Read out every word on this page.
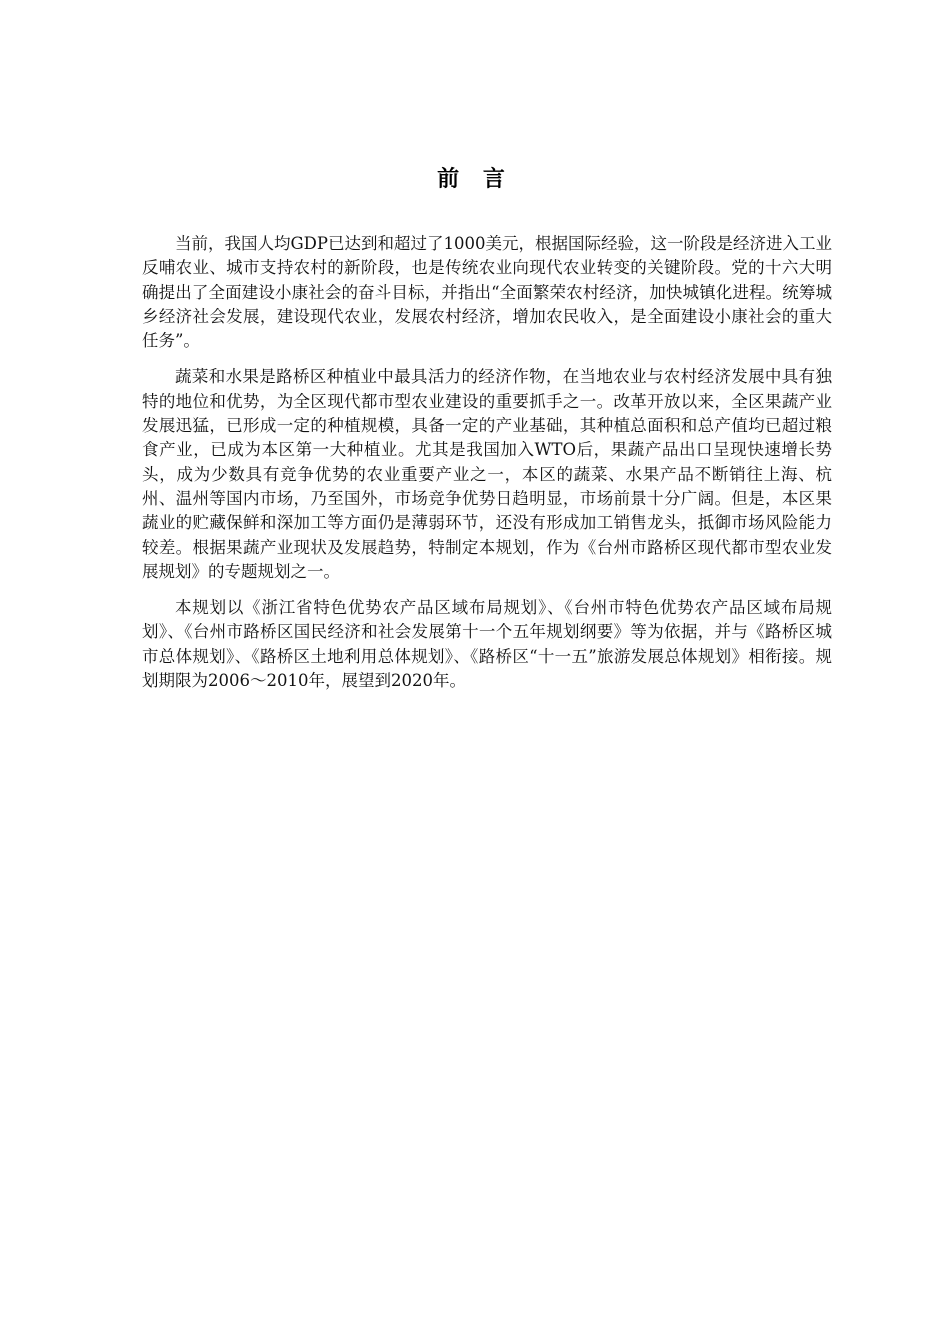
前 言

当前，我国人均GDP已达到和超过了1000美元，根据国际经验，这一阶段是经济进入工业反哺农业、城市支持农村的新阶段，也是传统农业向现代农业转变的关键阶段。党的十六大明确提出了全面建设小康社会的奋斗目标，并指出“全面繁荣农村经济，加快城镇化进程。统筹城乡经济社会发展，建设现代农业，发展农村经济，增加农民收入，是全面建设小康社会的重大任务”。

蔬菜和水果是路桥区种植业中最具活力的经济作物，在当地农业与农村经济发展中具有独特的地位和优势，为全区现代都市型农业建设的重要抓手之一。改革开放以来，全区果蔬产业发展迅猛，已形成一定的种植规模，具备一定的产业基础，其种植总面积和总产值均已超过粮食产业，已成为本区第一大种植业。尤其是我国加入WTO后，果蔬产品出口呈现快速增长势头，成为少数具有竞争优势的农业重要产业之一，本区的蔬菜、水果产品不断销往上海、杭州、温州等国内市场，乃至国外，市场竞争优势日趋明显，市场前景十分广阔。但是，本区果蔬业的贮藏保鲜和深加工等方面仍是薄弱环节，还没有形成加工销售龙头，抵御市场风险能力较差。根据果蔬产业现状及发展趋势，特制定本规划，作为《台州市路桥区现代都市型农业发展规划》的专题规划之一。

本规划以《浙江省特色优势农产品区域布局规划》、《台州市特色优势农产品区域布局规划》、《台州市路桥区国民经济和社会发展第十一个五年规划纲要》等为依据，并与《路桥区城市总体规划》、《路桥区土地利用总体规划》、《路桥区“十一五”旅游发展总体规划》相衔接。规划期限为2006～2010年，展望到2020年。
